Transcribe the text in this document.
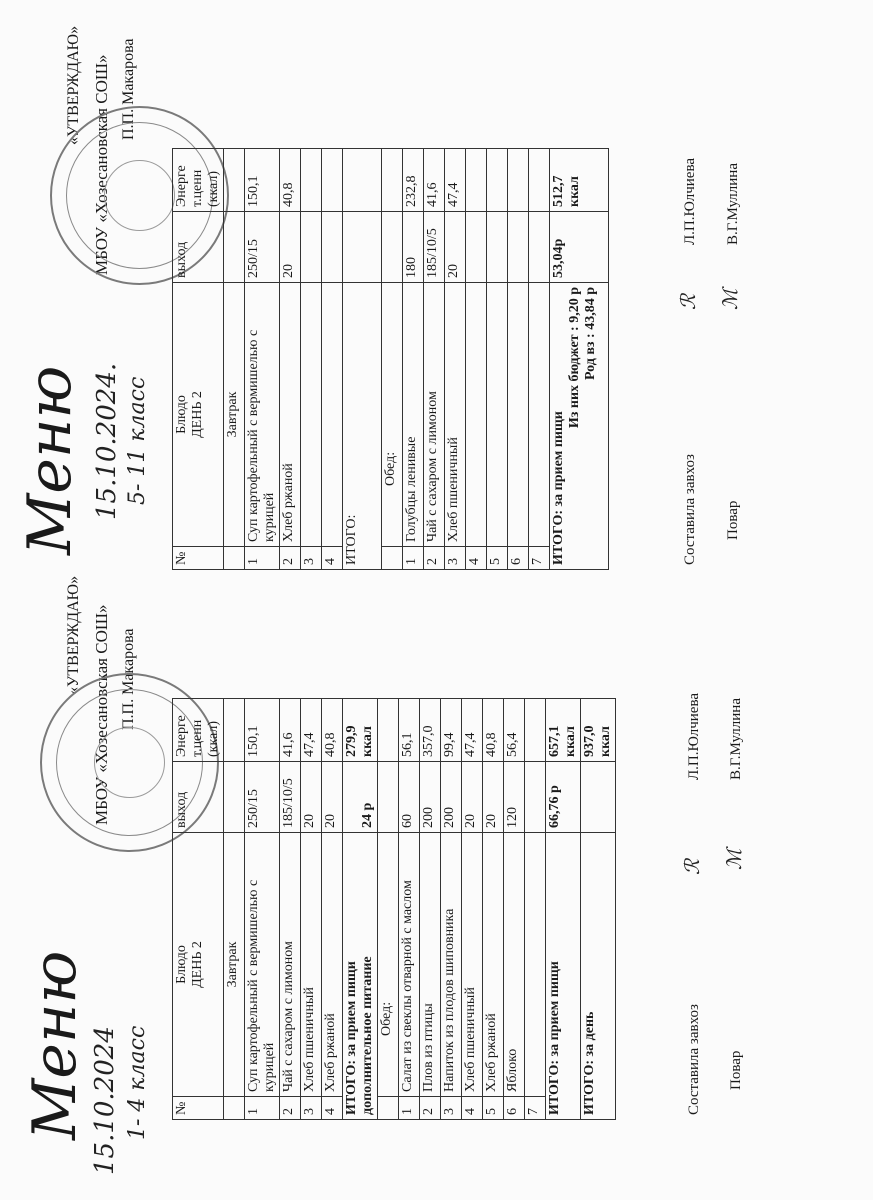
Меню 15.10.2024 1- 4 класс
«УТВЕРЖДАЮ» МБОУ «Хозесановская СОШ» П.П. Макарова
№	Блюдо
ДЕНЬ 2	выход	Энерге
т.ценн
(ккал)
	Завтрак		
1	Суп картофельный с вермишелью с курицей	250/15	150,1
2	Чай с сахаром с лимоном	185/10/5	41,6
3	Хлеб пшеничный	20	47,4
4	Хлеб ржаной	20	40,8
ИТОГО: за прием пищи
дополнительное питание		24 р	279,9 ккал
	Обед:		
1	Салат из свеклы отварной с маслом	60	56,1
2	Плов из птицы	200	357,0
3	Напиток из плодов шиповника	200	99,4
4	Хлеб пшеничный	20	47,4
5	Хлеб ржаной	20	40,8
6	Яблоко	120	56,4
7			
ИТОГО: за прием пищи		66,76 р	657,1 ккал
ИТОГО: за день			937,0 ккал
Составила завхоз
Л.П.Юлчиева
Повар
В.Г.Муллина
ℛ ℳ
Меню 15.10.2024. 5- 11 класс
«УТВЕРЖДАЮ» МБОУ «Хозесановская СОШ» П.П. Макарова
№	Блюдо
ДЕНЬ 2	выход	Энерге
т.ценн
(ккал)
	Завтрак		
1	Суп картофельный с вермишелью с курицей	250/15	150,1
2	Хлеб ржаной	20	40,8
3			
4			
ИТОГО:			
	Обед:		
1	Голубцы ленивые	180	232,8
2	Чай с сахаром с лимоном	185/10/5	41,6
3	Хлеб пшеничный	20	47,4
4			
5			
6			
7			
ИТОГО: за прием пищи
Из них бюджет : 9,20 р
Род вз : 43,84 р		53,04р	512,7 ккал
Составила завхоз
Л.П.Юлчиева
Повар
В.Г.Муллина
ℛ ℳ
